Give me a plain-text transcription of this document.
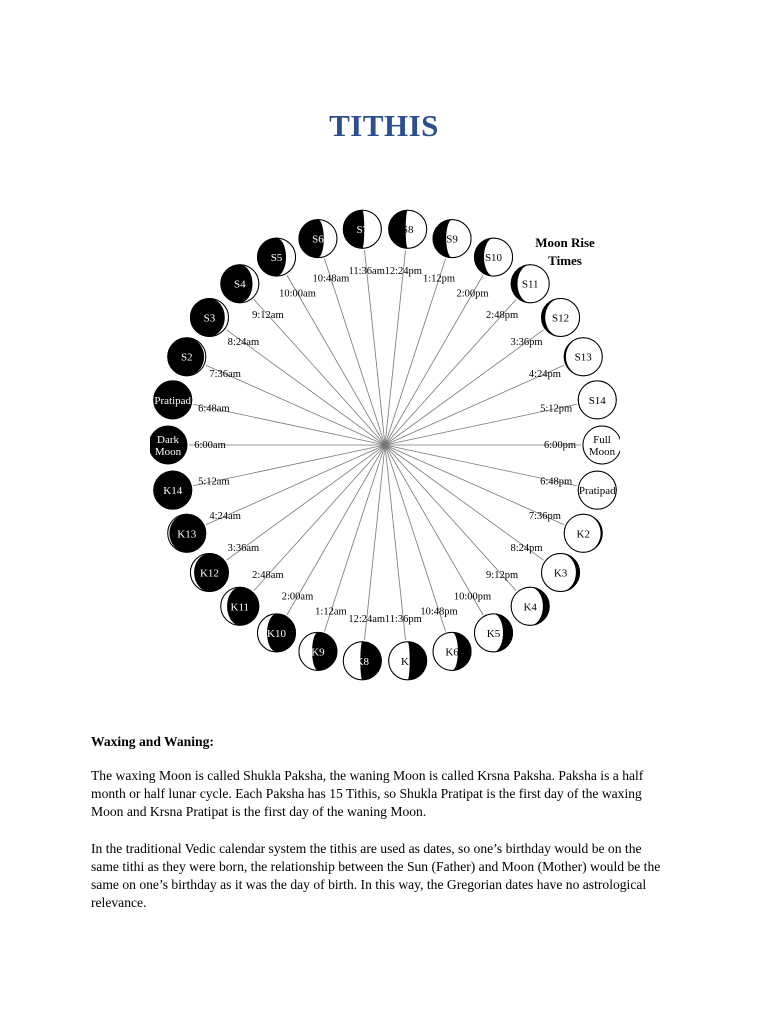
TITHIS
Full Moon
Pratipad
K2
K3
K4
K5
K6
K7
K8
K9
K10
K11
K12
K13
K14
Dark Moon
Pratipad
S2
S3
S4
S5
S6
S7	S8
S9
S10
S11
S12
S13
S14
6:00pm
6:48pm
7:36pm
8:24pm
9:12pm
10:00pm
10:48pm
11:36pm
12:24am
1:12am
2:00am
2:48am
3:36am
4:24am
5:12am
6:00am
6:48am
7:36am
8:24am
9:12am
10:00am
10:48am
11:36am 12:24pm
1:12pm
2:00pm
2:48pm
3:36pm
4:24pm
5:12pm
Moon Rise
Times
Waxing and Waning:
The waxing Moon is called Shukla Paksha, the waning Moon is called Krsna Paksha. Paksha is a half month or half lunar cycle. Each Paksha has 15 Tithis, so Shukla Pratipat is the first day of the waxing Moon and Krsna Pratipat is the first day of the waning Moon.
In the traditional Vedic calendar system the tithis are used as dates, so one’s birthday would be on the same tithi as they were born, the relationship between the Sun (Father) and Moon (Mother) would be the same on one’s birthday as it was the day of birth. In this way, the Gregorian dates have no astrological relevance.
